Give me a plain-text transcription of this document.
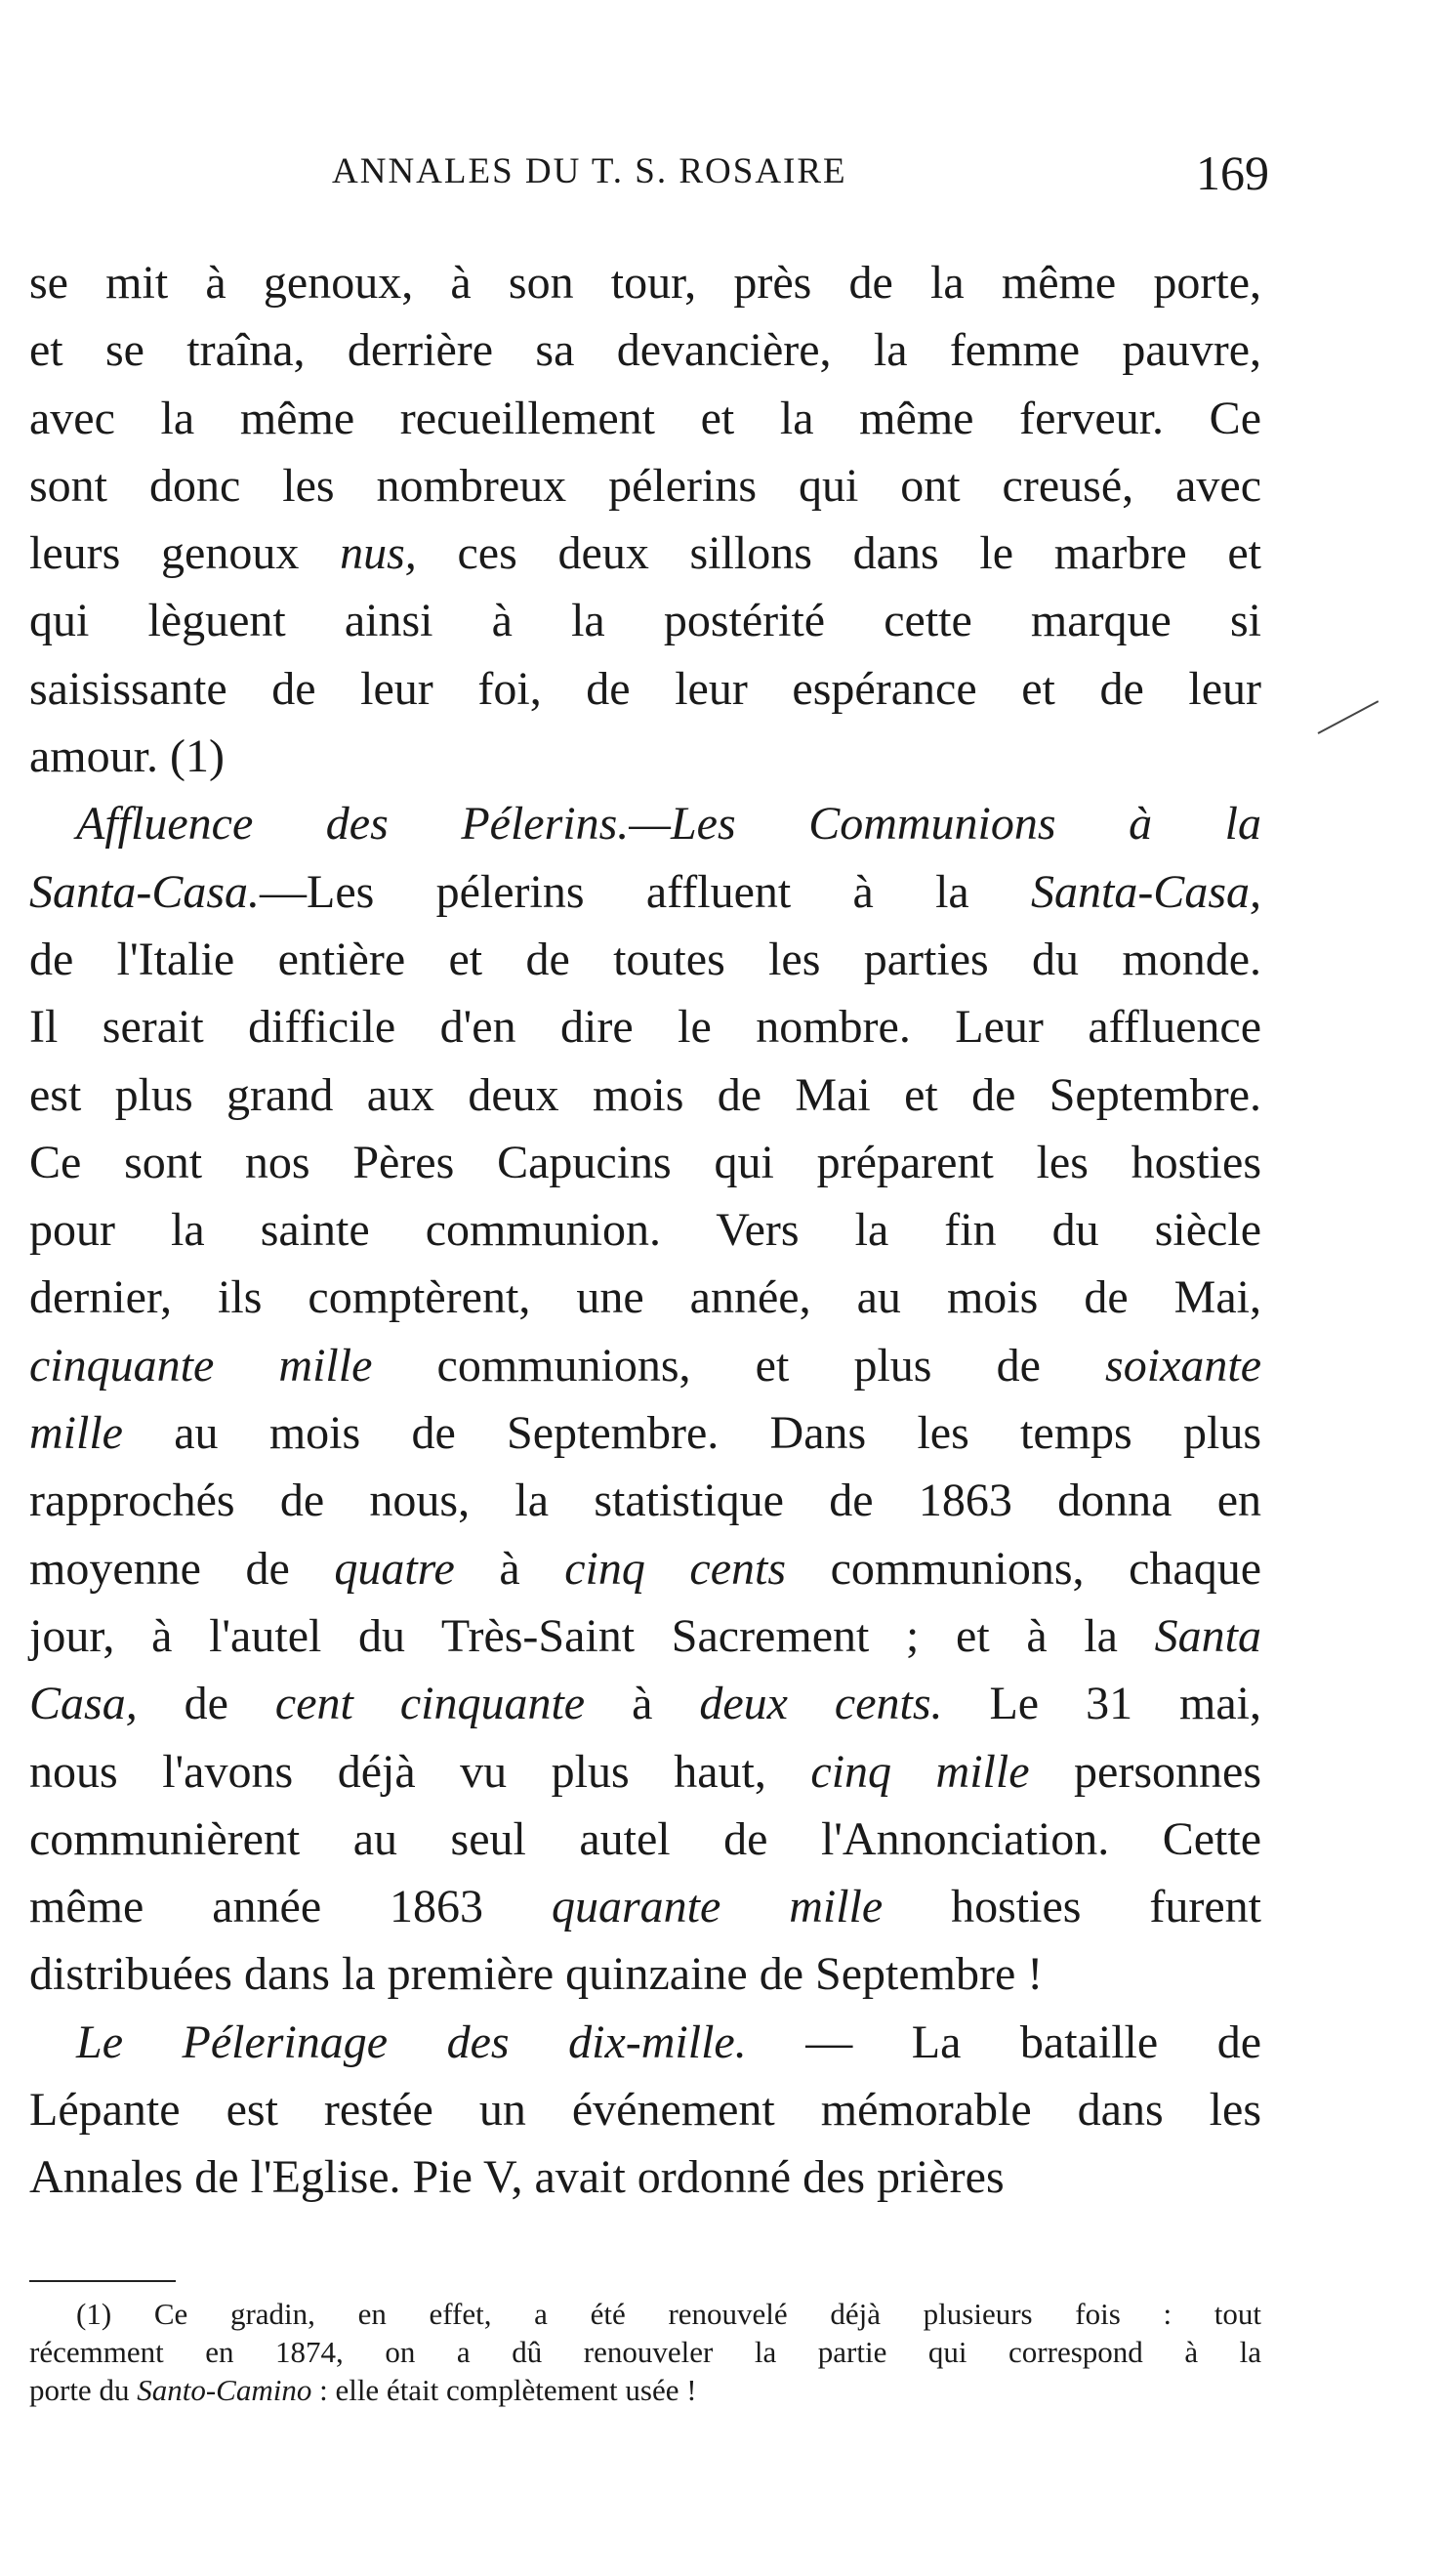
ANNALES DU T. S. ROSAIRE	169
se mit à genoux, à son tour, près de la même porte,
et se traîna, derrière sa devancière, la femme pauvre,
avec la même recueillement et la même ferveur. Ce
sont donc les nombreux pélerins qui ont creusé, avec
leurs genoux nus, ces deux sillons dans le marbre et
qui lèguent ainsi à la postérité cette marque si
saisissante de leur foi, de leur espérance et de leur
amour. (1)
Affluence des Pélerins.—Les Communions à la
Santa-Casa.—Les pélerins affluent à la Santa-Casa,
de l'Italie entière et de toutes les parties du monde.
Il serait difficile d'en dire le nombre. Leur affluence
est plus grand aux deux mois de Mai et de Septembre.
Ce sont nos Pères Capucins qui préparent les hosties
pour la sainte communion. Vers la fin du siècle
dernier, ils comptèrent, une année, au mois de Mai,
cinquante mille communions, et plus de soixante
mille au mois de Septembre. Dans les temps plus
rapprochés de nous, la statistique de 1863 donna en
moyenne de quatre à cinq cents communions, chaque
jour, à l'autel du Très-Saint Sacrement ; et à la Santa
Casa, de cent cinquante à deux cents. Le 31 mai,
nous l'avons déjà vu plus haut, cinq mille personnes
communièrent au seul autel de l'Annonciation. Cette
même année 1863 quarante mille hosties furent
distribuées dans la première quinzaine de Septembre !
Le Pélerinage des dix-mille. — La bataille de
Lépante est restée un événement mémorable dans les
Annales de l'Eglise. Pie V, avait ordonné des prières
(1) Ce gradin, en effet, a été renouvelé déjà plusieurs fois : tout
récemment en 1874, on a dû renouveler la partie qui correspond à la
porte du Santo-Camino : elle était complètement usée !
